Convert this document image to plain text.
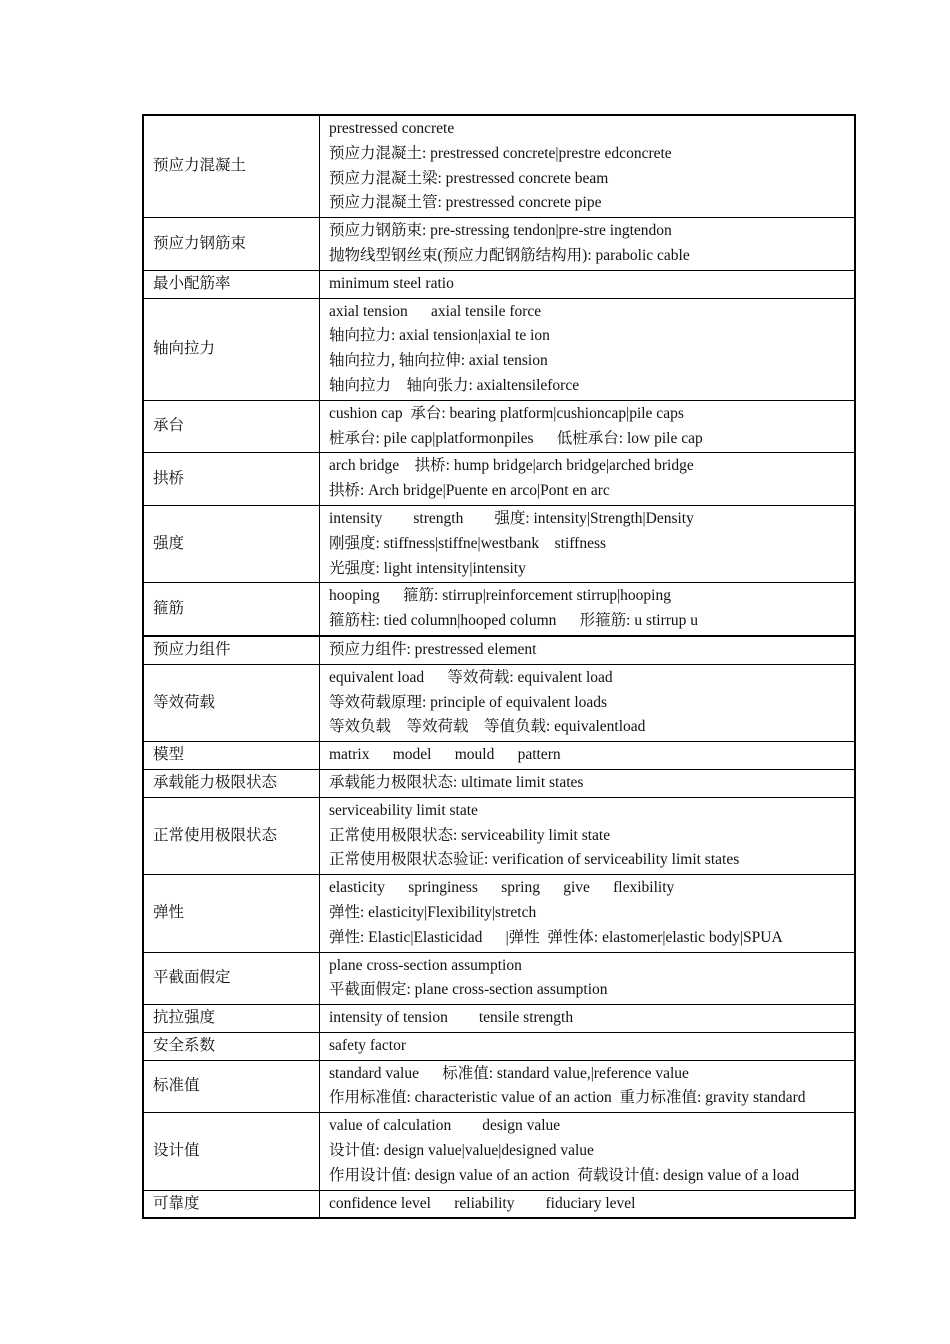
预应力混凝土	prestressed concrete
预应力混凝土: prestressed concrete|prestre edconcrete
预应力混凝土梁: prestressed concrete beam
预应力混凝土管: prestressed concrete pipe

预应力钢筋束	预应力钢筋束: pre-stressing tendon|pre-stre ingtendon
抛物线型钢丝束(预应力配钢筋结构用): parabolic cable

最小配筋率	minimum steel ratio

轴向拉力	axial tension      axial tensile force
轴向拉力: axial tension|axial te ion
轴向拉力, 轴向拉伸: axial tension
轴向拉力    轴向张力: axialtensileforce

承台	cushion cap  承台: bearing platform|cushioncap|pile caps
桩承台: pile cap|platformonpiles      低桩承台: low pile cap

拱桥	arch bridge    拱桥: hump bridge|arch bridge|arched bridge
拱桥: Arch bridge|Puente en arco|Pont en arc

强度	intensity        strength        强度: intensity|Strength|Density
刚强度: stiffness|stiffne|westbank    stiffness
光强度: light intensity|intensity

箍筋	hooping      箍筋: stirrup|reinforcement stirrup|hooping
箍筋柱: tied column|hooped column      形箍筋: u stirrup u

预应力组件	预应力组件: prestressed element

等效荷载	equivalent load      等效荷载: equivalent load
等效荷载原理: principle of equivalent loads
等效负载    等效荷载    等值负载: equivalentload

模型	matrix      model      mould      pattern

承载能力极限状态	承载能力极限状态: ultimate limit states

正常使用极限状态	serviceability limit state
正常使用极限状态: serviceability limit state
正常使用极限状态验证: verification of serviceability limit states

弹性	elasticity      springiness      spring      give      flexibility
弹性: elasticity|Flexibility|stretch
弹性: Elastic|Elasticidad      |弹性  弹性体: elastomer|elastic body|SPUA

平截面假定	plane cross-section assumption
平截面假定: plane cross-section assumption

抗拉强度	intensity of tension        tensile strength

安全系数	safety factor

标准值	standard value      标准值: standard value,|reference value
作用标准值: characteristic value of an action  重力标准值: gravity standard

设计值	value of calculation        design value
设计值: design value|value|designed value
作用设计值: design value of an action  荷载设计值: design value of a load

可靠度	confidence level      reliability        fiduciary level
